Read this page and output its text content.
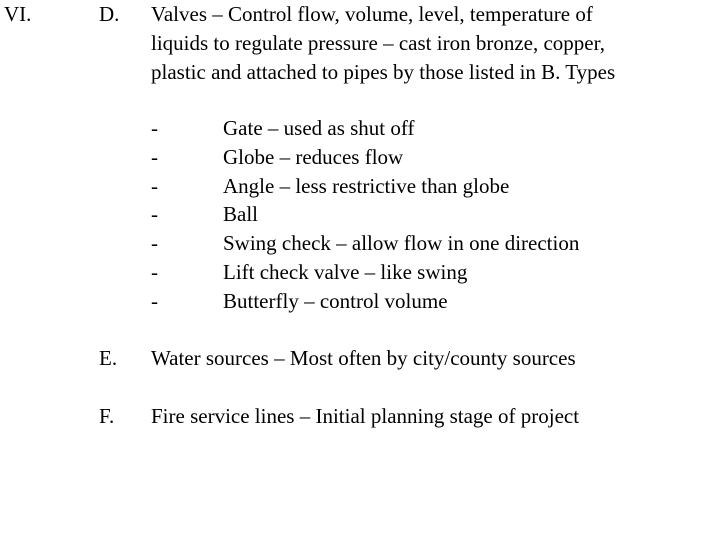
VI.	D. Valves – Control flow, volume, level, temperature of
liquids to regulate pressure – cast iron bronze, copper,
plastic and attached to pipes by those listed in B. Types
-
-
-
-
-
-
-
Gate – used as shut off
Globe – reduces flow
Angle – less restrictive than globe
Ball
Swing check – allow flow in one direction
Lift check valve – like swing
Butterfly – control volume
E. Water sources – Most often by city/county sources
F. Fire service lines – Initial planning stage of project
